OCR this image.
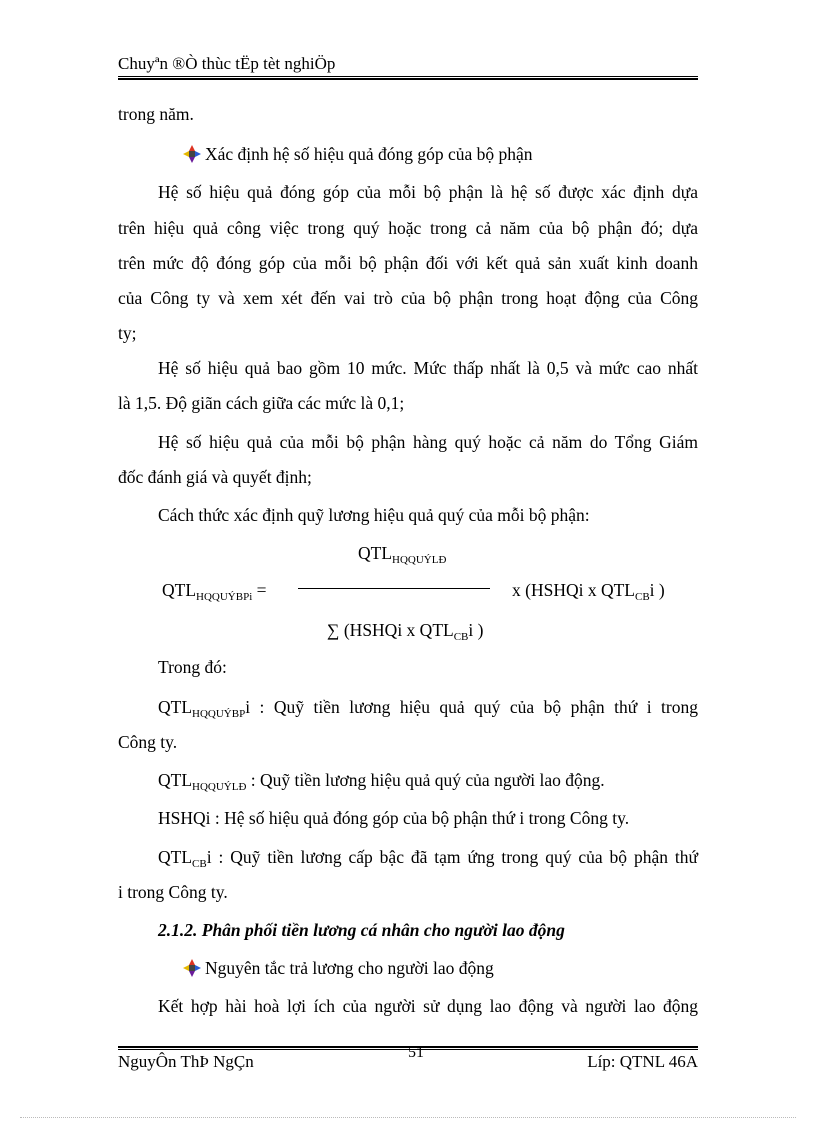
Chuyªn ®Ò thùc tËp tèt nghiÖp
trong năm.
Xác định hệ số hiệu quả đóng góp của bộ phận
Hệ số hiệu quả đóng góp của mỗi bộ phận là hệ số được xác định dựa
trên hiệu quả công việc trong quý hoặc trong cả năm của bộ phận đó; dựa
trên mức độ đóng góp của mỗi bộ phận đối với kết quả sản xuất kinh doanh
của Công ty và xem xét đến vai trò của bộ phận trong hoạt động của Công
ty;
Hệ số hiệu quả bao gồm 10 mức. Mức thấp nhất là 0,5 và mức cao nhất
là 1,5. Độ giãn cách giữa các mức là 0,1;
Hệ số hiệu quả của mỗi bộ phận hàng quý hoặc cả năm do Tổng Giám
đốc đánh giá và quyết định;
Cách thức xác định quỹ lương hiệu quả quý của mỗi bộ phận:
$QTL_{HQQUÝLĐ}$
$QTL_{HQQUÝBPi}$ =	x (HSHQi x $QTL_{CB}i$ )
∑ (HSHQi x $QTL_{CB}i$ )
Trong đó:
$QTL_{HQQUÝBP}i$ : Quỹ tiền lương hiệu quả quý của bộ phận thứ i trong
Công ty.
$QTL_{HQQUÝLĐ}$ : Quỹ tiền lương hiệu quả quý của người lao động.
HSHQi : Hệ số hiệu quả đóng góp của bộ phận thứ i trong Công ty.
$QTL_{CB}i$ : Quỹ tiền lương cấp bậc đã tạm ứng trong quý của bộ phận thứ
i trong Công ty.
2.1.2. Phân phối tiền lương cá nhân cho người lao động
Nguyên tắc trả lương cho người lao động
Kết hợp hài hoà lợi ích của người sử dụng lao động và người lao động
NguyÔn ThÞ NgÇn	51	Líp: QTNL 46A
